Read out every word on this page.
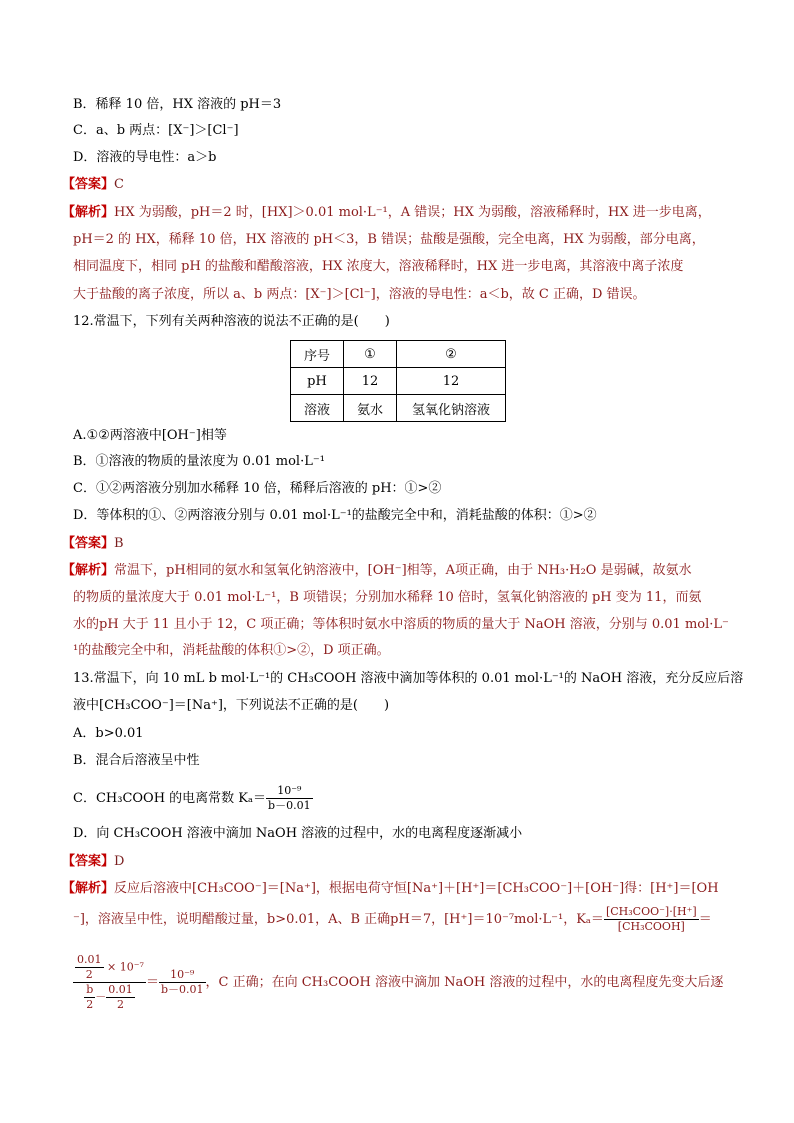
B．稀释 10 倍，HX 溶液的 pH＝3
C．a、b 两点：[X⁻]＞[Cl⁻]
D．溶液的导电性：a＞b
【答案】C
【解析】HX 为弱酸，pH＝2 时，[HX]＞0.01 mol·L⁻¹，A 错误；HX 为弱酸，溶液稀释时，HX 进一步电离，
pH＝2 的 HX，稀释 10 倍，HX 溶液的 pH＜3，B 错误；盐酸是强酸，完全电离，HX 为弱酸，部分电离，
相同温度下，相同 pH 的盐酸和醋酸溶液，HX 浓度大，溶液稀释时，HX 进一步电离，其溶液中离子浓度
大于盐酸的离子浓度，所以 a、b 两点：[X⁻]＞[Cl⁻]，溶液的导电性：a＜b，故 C 正确，D 错误。
12.常温下，下列有关两种溶液的说法不正确的是(　　)
序号	①	②
pH	12	12
溶液	氨水	氢氧化钠溶液
A.①②两溶液中[OH⁻]相等
B．①溶液的物质的量浓度为 0.01 mol·L⁻¹
C．①②两溶液分别加水稀释 10 倍，稀释后溶液的 pH：①>②
D．等体积的①、②两溶液分别与 0.01 mol·L⁻¹的盐酸完全中和，消耗盐酸的体积：①>②
【答案】B
【解析】常温下，pH相同的氨水和氢氧化钠溶液中，[OH⁻]相等，A项正确，由于 NH₃·H₂O 是弱碱，故氨水
的物质的量浓度大于 0.01 mol·L⁻¹，B 项错误；分别加水稀释 10 倍时，氢氧化钠溶液的 pH 变为 11，而氨
水的pH 大于 11 且小于 12，C 项正确；等体积时氨水中溶质的物质的量大于 NaOH 溶液，分别与 0.01 mol·L⁻
¹的盐酸完全中和，消耗盐酸的体积①>②，D 项正确。
13.常温下，向 10 mL b mol·L⁻¹的 CH₃COOH 溶液中滴加等体积的 0.01 mol·L⁻¹的 NaOH 溶液，充分反应后溶
液中[CH₃COO⁻]＝[Na⁺]，下列说法不正确的是(　　)
A．b>0.01
B．混合后溶液呈中性
C．CH₃COOH 的电离常数 $K_a= \frac{\text{10⁻⁹}}{b-0.01}$
D．向 CH₃COOH 溶液中滴加 NaOH 溶液的过程中，水的电离程度逐渐减小
【答案】D
【解析】反应后溶液中[CH₃COO⁻]＝[Na⁺]，根据电荷守恒[Na⁺]＋[H⁺]＝[CH₃COO⁻]＋[OH⁻]得：[H⁺]＝[OH
⁻]，溶液呈中性，说明醋酸过量，b>0.01，A、B 正确pH＝7，[H⁺]＝10⁻⁷mol·L⁻¹，$K_a= \frac{\text{[CH₃COO⁻]·[H⁺]}}{\text{[CH₃COOH]}}$ ＝
$\frac{\frac{0.01}{2} \times 10^{-7}}{\frac{b}{2} - \frac{0.01}{2}} = \frac{\text{10⁻⁹}}{b-0.01}$ ，C 正确；在向 CH₃COOH 溶液中滴加 NaOH 溶液的过程中，水的电离程度先变大后逐
